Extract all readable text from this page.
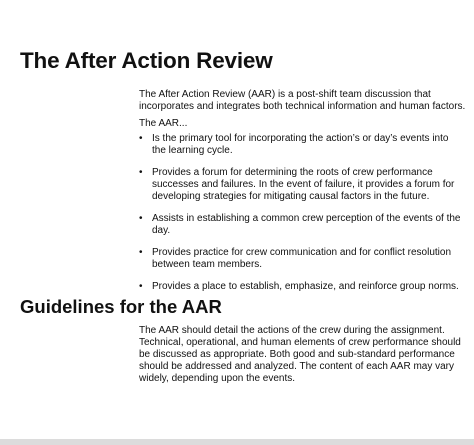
The After Action Review

The After Action Review (AAR) is a post-shift team discussion that
incorporates and integrates both technical information and human factors.

The AAR...

• Is the primary tool for incorporating the action’s or day’s events into
the learning cycle.
• Provides a forum for determining the roots of crew performance
successes and failures. In the event of failure, it provides a forum for
developing strategies for mitigating causal factors in the future.
• Assists in establishing a common crew perception of the events of the
day.
• Provides practice for crew communication and for conflict resolution
between team members.
• Provides a place to establish, emphasize, and reinforce group norms.
Guidelines for the AAR

The AAR should detail the actions of the crew during the assignment.
Technical, operational, and human elements of crew performance should
be discussed as appropriate. Both good and sub-standard performance
should be addressed and analyzed. The content of each AAR may vary
widely, depending upon the events.
